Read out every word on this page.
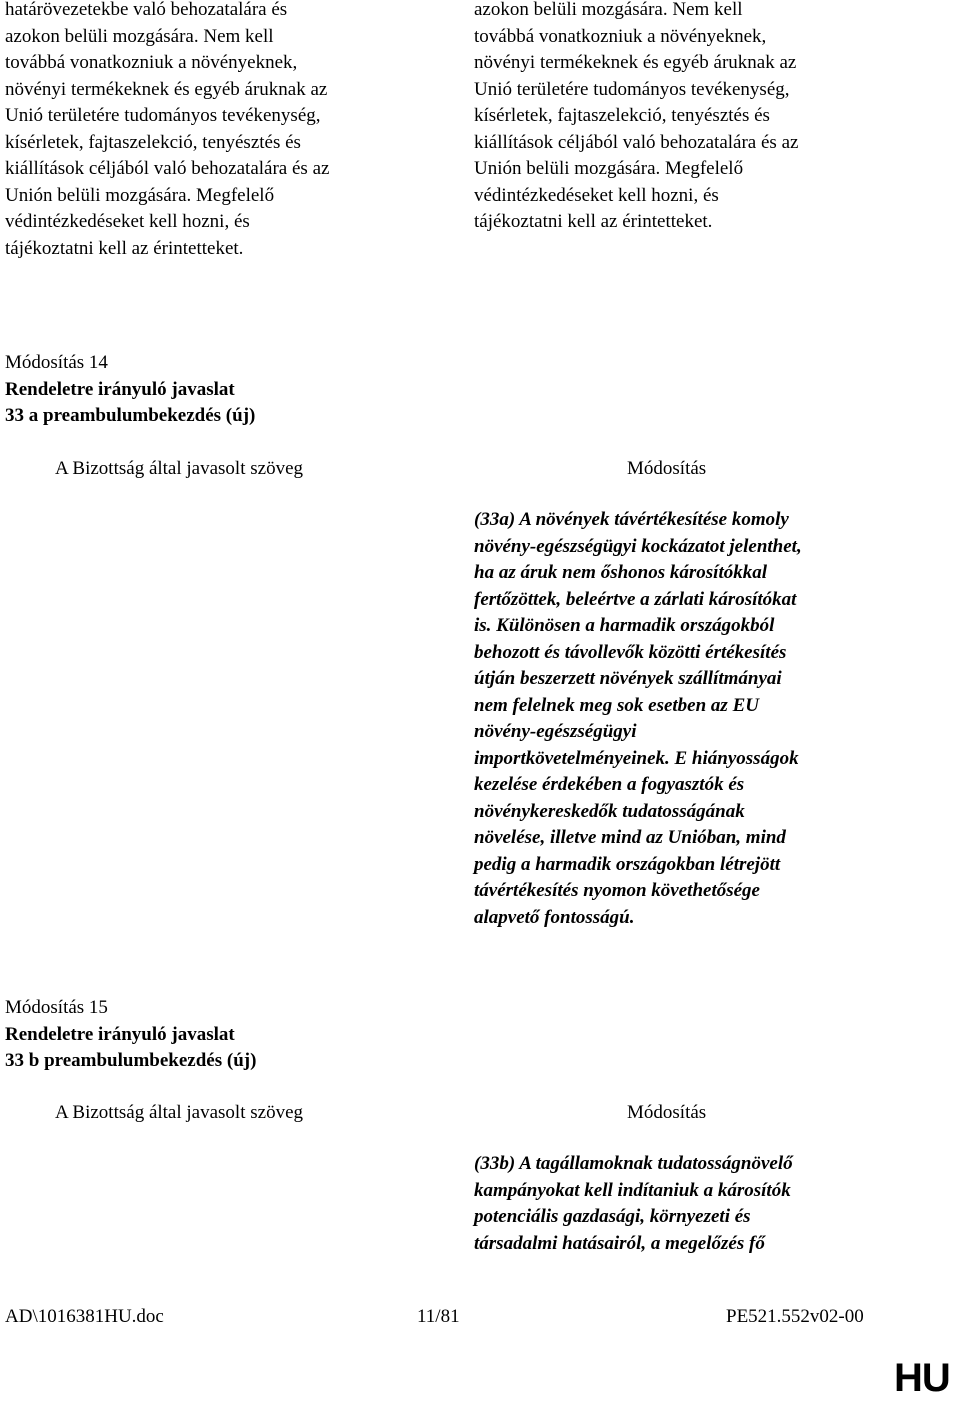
határövezetekbe való behozatalára és
azokon belüli mozgására. Nem kell
továbbá vonatkozniuk a növényeknek,
növényi termékeknek és egyéb áruknak az
Unió területére tudományos tevékenység,
kísérletek, fajtaszelekció, tenyésztés és
kiállítások céljából való behozatalára és az
Unión belüli mozgására. Megfelelő
védintézkedéseket kell hozni, és
tájékoztatni kell az érintetteket.
azokon belüli mozgására. Nem kell
továbbá vonatkozniuk a növényeknek,
növényi termékeknek és egyéb áruknak az
Unió területére tudományos tevékenység,
kísérletek, fajtaszelekció, tenyésztés és
kiállítások céljából való behozatalára és az
Unión belüli mozgására. Megfelelő
védintézkedéseket kell hozni, és
tájékoztatni kell az érintetteket.
Módosítás 14
Rendeletre irányuló javaslat
33 a preambulumbekezdés (új)
A Bizottság által javasolt szöveg	Módosítás
(33a) A növények távértékesítése komoly
növény-egészségügyi kockázatot jelenthet,
ha az áruk nem őshonos károsítókkal
fertőzöttek, beleértve a zárlati károsítókat
is. Különösen a harmadik országokból
behozott és távollevők közötti értékesítés
útján beszerzett növények szállítmányai
nem felelnek meg sok esetben az EU
növény-egészségügyi
importkövetelményeinek. E hiányosságok
kezelése érdekében a fogyasztók és
növénykereskedők tudatosságának
növelése, illetve mind az Unióban, mind
pedig a harmadik országokban létrejött
távértékesítés nyomon követhetősége
alapvető fontosságú.
Módosítás 15
Rendeletre irányuló javaslat
33 b preambulumbekezdés (új)
A Bizottság által javasolt szöveg	Módosítás
(33b) A tagállamoknak tudatosságnövelő
kampányokat kell indítaniuk a károsítók
potenciális gazdasági, környezeti és
társadalmi hatásairól, a megelőzés fő
AD\1016381HU.doc	11/81	PE521.552v02-00
HU
